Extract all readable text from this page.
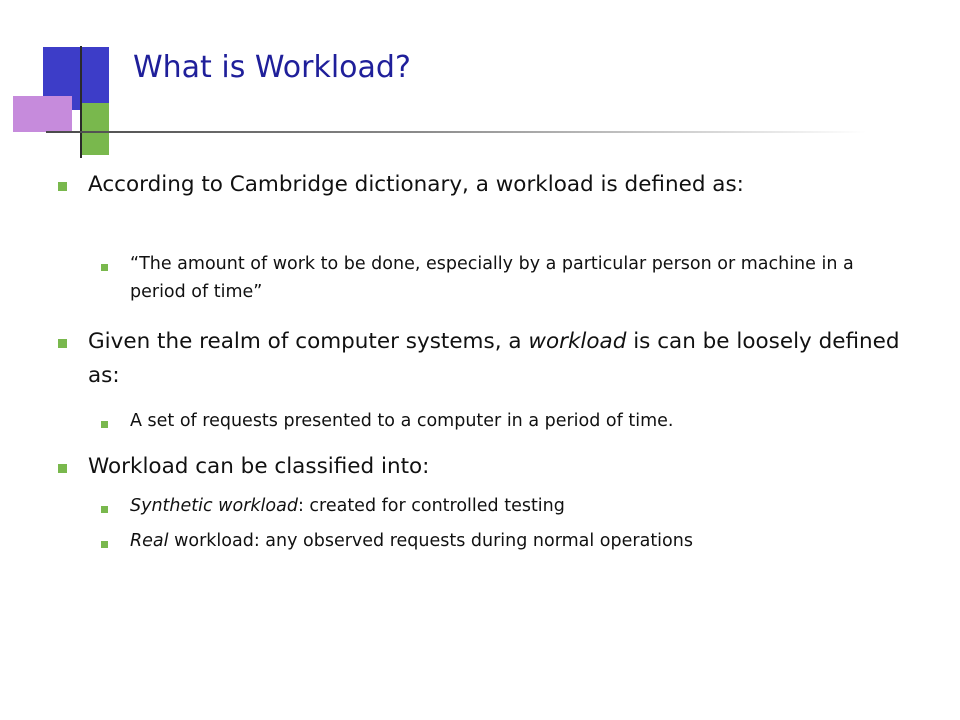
What is Workload?
According to Cambridge dictionary, a workload is defined as:
“The amount of work to be done, especially by a particular person or machine in a period of time”
Given the realm of computer systems, a workload is can be loosely defined as:
A set of requests presented to a computer in a period of time.
Workload can be classified into:
Synthetic workload: created for controlled testing
Real workload: any observed requests during normal operations
